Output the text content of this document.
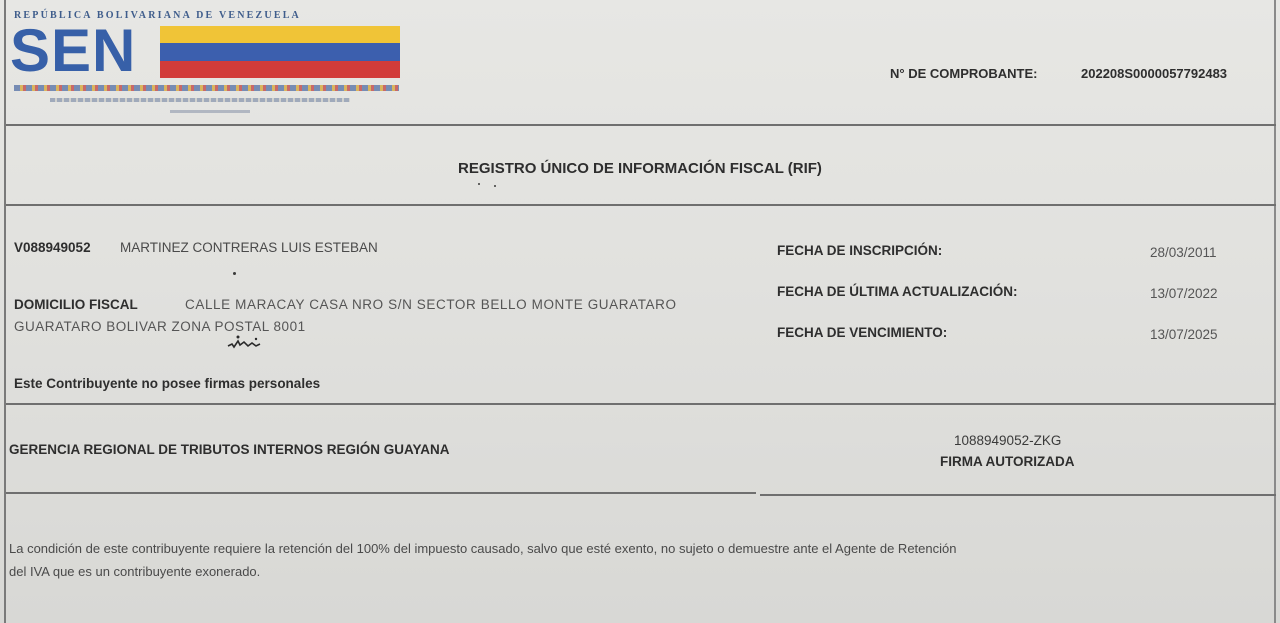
REPÚBLICA BOLIVARIANA DE VENEZUELA
SEN	N° DE COMPROBANTE:	202208S0000057792483
REGISTRO ÚNICO DE INFORMACIÓN FISCAL (RIF)
V088949052 MARTINEZ CONTRERAS LUIS ESTEBAN	FECHA DE INSCRIPCIÓN:	28/03/2011
FECHA DE ÚLTIMA ACTUALIZACIÓN:	13/07/2022
FECHA DE VENCIMIENTO:	13/07/2025
DOMICILIO FISCAL	CALLE MARACAY CASA NRO S/N SECTOR BELLO MONTE GUARATARO
GUARATARO BOLIVAR ZONA POSTAL 8001
Este Contribuyente no posee firmas personales
GERENCIA REGIONAL DE TRIBUTOS INTERNOS REGIÓN GUAYANA
1088949052-ZKG
FIRMA AUTORIZADA
La condición de este contribuyente requiere la retención del 100% del impuesto causado, salvo que esté exento, no sujeto o demuestre ante el Agente de Retención
del IVA que es un contribuyente exonerado.
